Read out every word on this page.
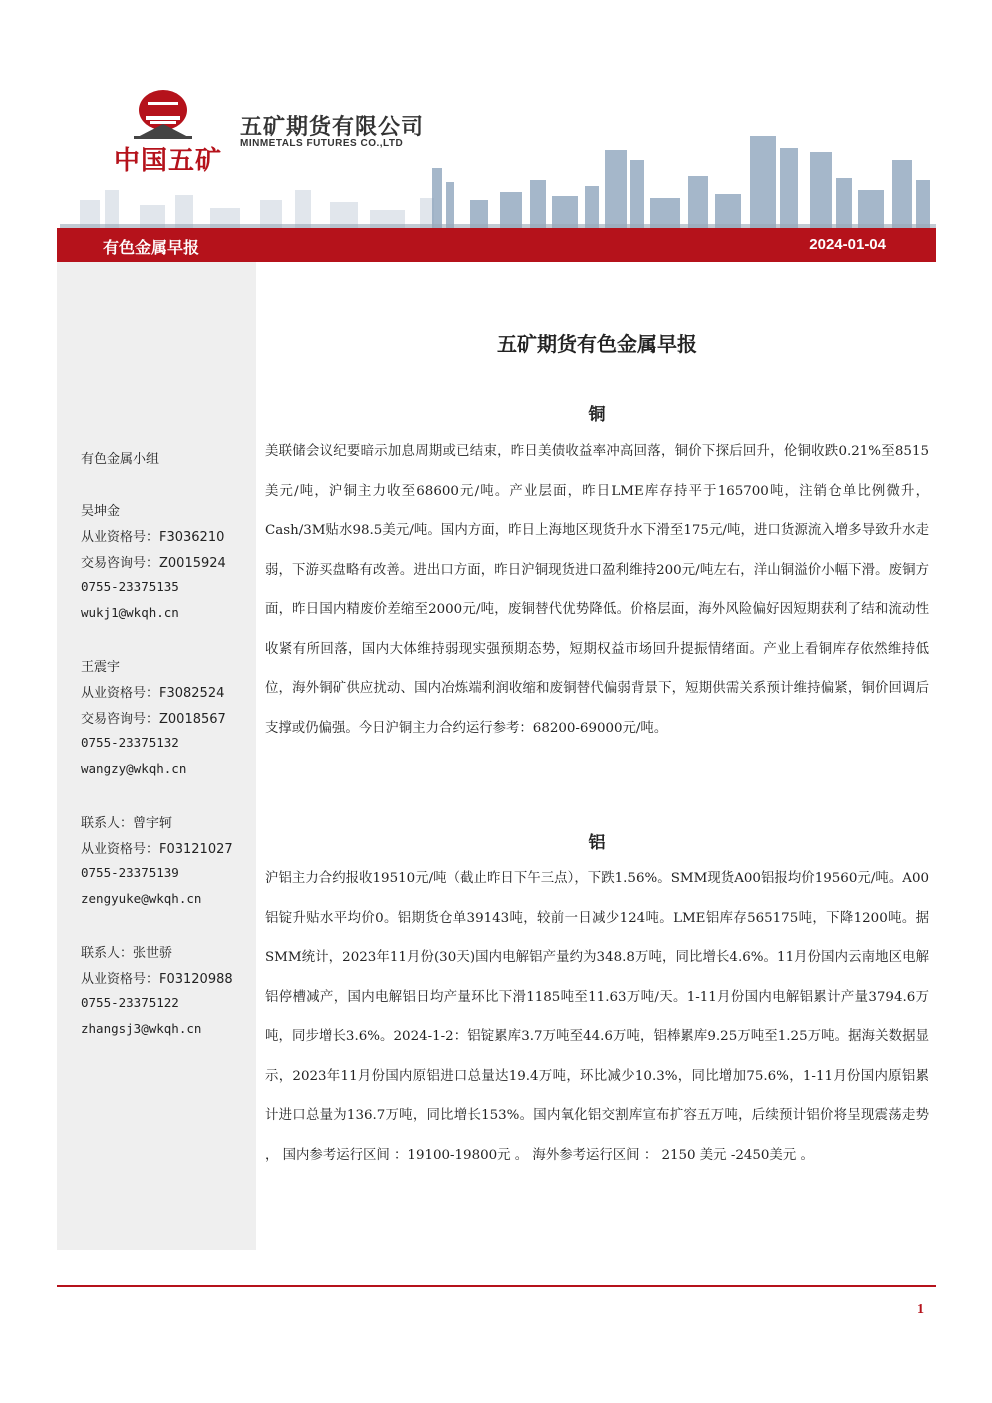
中国五矿
五矿期货有限公司
MINMETALS FUTURES CO.,LTD
有色金属早报	2024-01-04
有色金属小组
吴坤金
从业资格号：F3036210
交易咨询号：Z0015924
0755-23375135
wukj1@wkqh.cn
王震宇
从业资格号：F3082524
交易咨询号：Z0018567
0755-23375132
wangzy@wkqh.cn
联系人：曾宇轲
从业资格号：F03121027
0755-23375139
zengyuke@wkqh.cn
联系人：张世骄
从业资格号：F03120988
0755-23375122
zhangsj3@wkqh.cn
五矿期货有色金属早报
铜

美联储会议纪要暗示加息周期或已结束，昨日美债收益率冲高回落，铜价下探后回升，伦铜收跌0.21%至8515美元/吨，沪铜主力收至68600元/吨。产业层面，昨日LME库存持平于165700吨，注销仓单比例微升，Cash/3M贴水98.5美元/吨。国内方面，昨日上海地区现货升水下滑至175元/吨，进口货源流入增多导致升水走弱，下游买盘略有改善。进出口方面，昨日沪铜现货进口盈利维持200元/吨左右，洋山铜溢价小幅下滑。废铜方面，昨日国内精废价差缩至2000元/吨，废铜替代优势降低。价格层面，海外风险偏好因短期获利了结和流动性收紧有所回落，国内大体维持弱现实强预期态势，短期权益市场回升提振情绪面。产业上看铜库存依然维持低位，海外铜矿供应扰动、国内冶炼端利润收缩和废铜替代偏弱背景下，短期供需关系预计维持偏紧，铜价回调后支撑或仍偏强。今日沪铜主力合约运行参考：68200-69000元/吨。

铝

沪铝主力合约报收19510元/吨（截止昨日下午三点），下跌1.56%。SMM现货A00铝报均价19560元/吨。A00铝锭升贴水平均价0。铝期货仓单39143吨，较前一日减少124吨。LME铝库存565175吨，下降1200吨。据SMM统计，2023年11月份(30天)国内电解铝产量约为348.8万吨，同比增长4.6%。11月份国内云南地区电解铝停槽减产，国内电解铝日均产量环比下滑1185吨至11.63万吨/天。1-11月份国内电解铝累计产量3794.6万吨，同步增长3.6%。2024-1-2：铝锭累库3.7万吨至44.6万吨，铝棒累库9.25万吨至1.25万吨。据海关数据显示，2023年11月份国内原铝进口总量达19.4万吨，环比减少10.3%，同比增加75.6%，1-11月份国内原铝累计进口总量为136.7万吨，同比增长153%。国内氧化铝交割库宣布扩容五万吨，后续预计铝价将呈现震荡走势 ， 国内参考运行区间 ：19100-19800元 。 海外参考运行区间 ： 2150 美元 -2450美元 。

1
